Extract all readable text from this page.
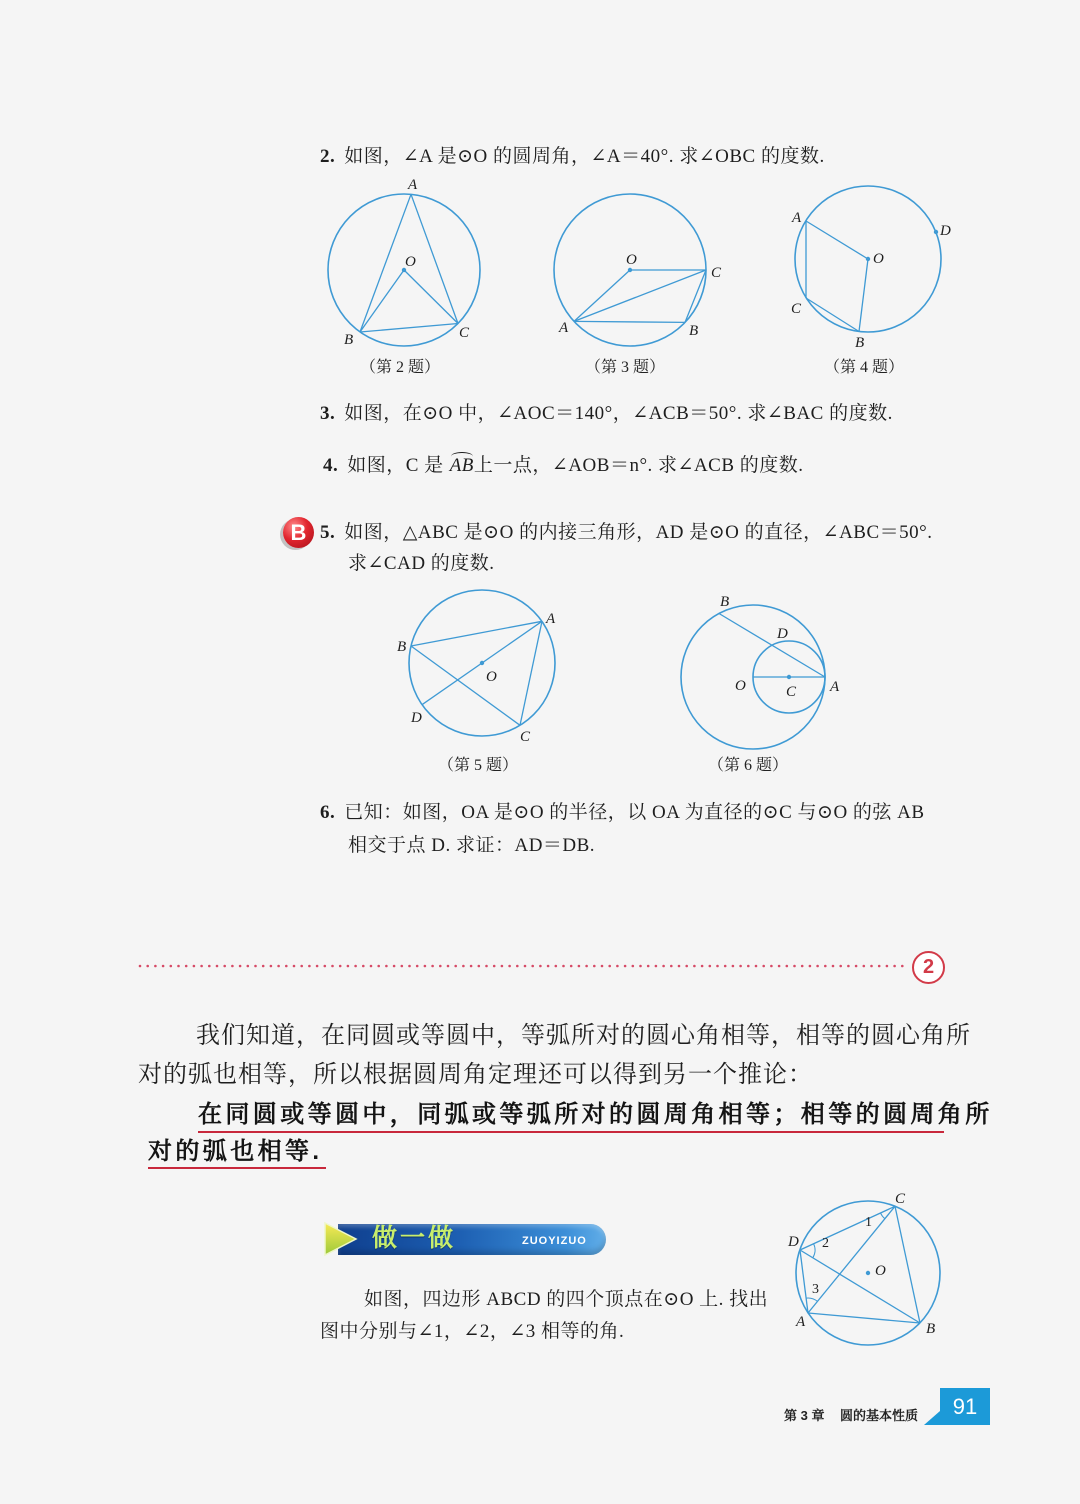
2. 如图，∠A 是⊙O 的圆周角，∠A＝40°. 求∠OBC 的度数.
A
O
B	C
（第 2 题）
O
C
A	B
（第 3 题）
A
D
O
C
B
（第 4 题）
3. 如图，在⊙O 中，∠AOC＝140°，∠ACB＝50°. 求∠BAC 的度数.
4. 如图，C 是 AB上一点，∠AOB＝n°. 求∠ACB 的度数.
B 5. 如图，△ABC 是⊙O 的内接三角形，AD 是⊙O 的直径，∠ABC＝50°.
求∠CAD 的度数.
A
B
O
D
C
（第 5 题）
B
D
O	C A
（第 6 题）
6. 已知：如图，OA 是⊙O 的半径，以 OA 为直径的⊙C 与⊙O 的弦 AB
相交于点 D. 求证：AD＝DB.
2
我们知道，在同圆或等圆中，等弧所对的圆心角相等，相等的圆心角所
对的弧也相等，所以根据圆周角定理还可以得到另一个推论：
在同圆或等圆中，同弧或等弧所对的圆周角相等；相等的圆周角所
对的弧也相等.
做一做	ZUOYIZUO
如图，四边形 ABCD 的四个顶点在⊙O 上. 找出
图中分别与∠1，∠2，∠3 相等的角.
C
D
A	B
O
1
2
3
第 3 章 圆的基本性质	91
